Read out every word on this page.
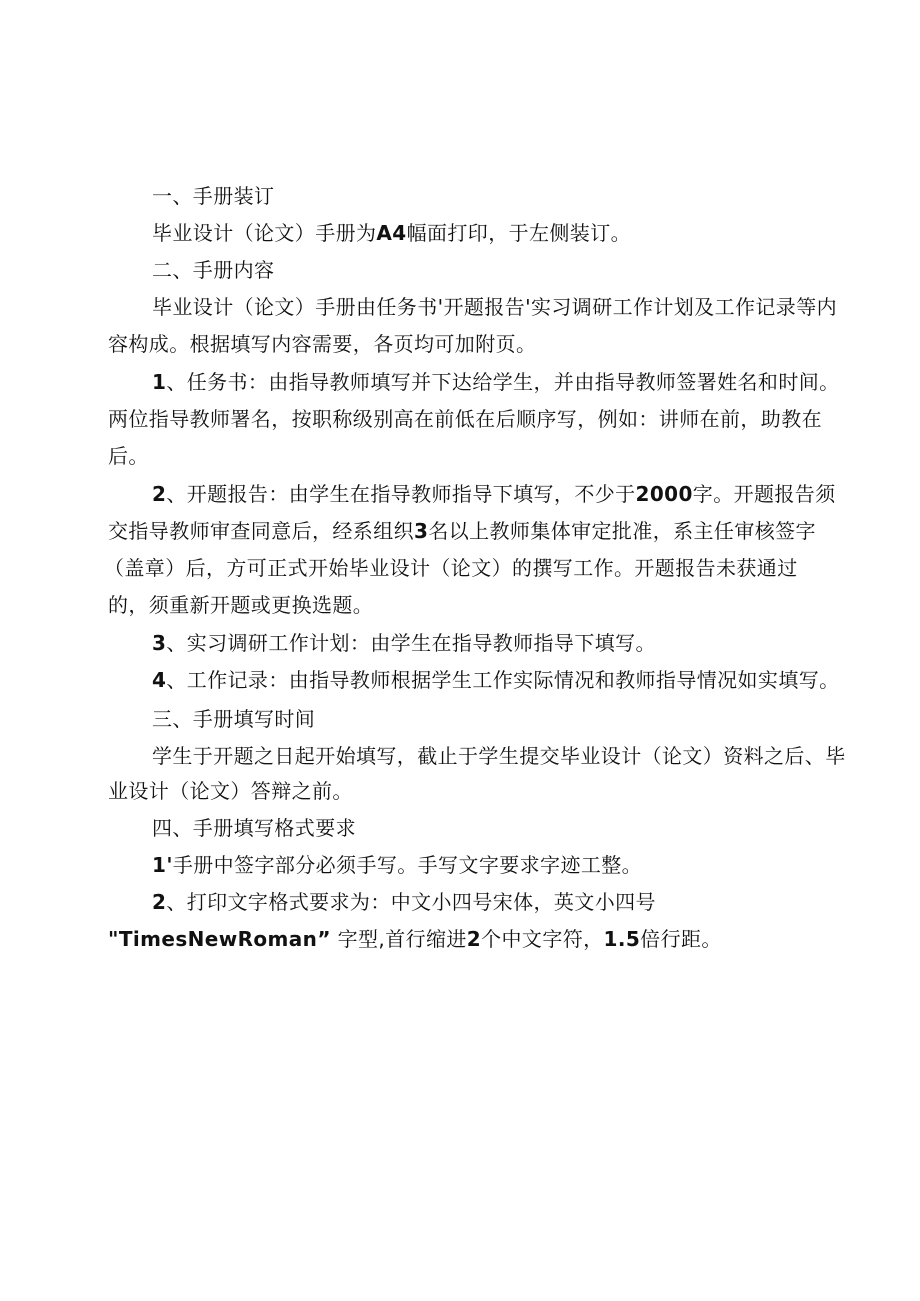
一、手册装订
毕业设计（论文）手册为A4幅面打印，于左侧装订。
二、手册内容
毕业设计（论文）手册由任务书'开题报告'实习调研工作计划及工作记录等内
容构成。根据填写内容需要，各页均可加附页。
1、任务书：由指导教师填写并下达给学生，并由指导教师签署姓名和时间。
两位指导教师署名，按职称级别高在前低在后顺序写，例如：讲师在前，助教在
后。
2、开题报告：由学生在指导教师指导下填写，不少于2000字。开题报告须
交指导教师审查同意后，经系组织3名以上教师集体审定批准，系主任审核签字
（盖章）后，方可正式开始毕业设计（论文）的撰写工作。开题报告未获通过
的，须重新开题或更换选题。
3、实习调研工作计划：由学生在指导教师指导下填写。
4、工作记录：由指导教师根据学生工作实际情况和教师指导情况如实填写。
三、手册填写时间
学生于开题之日起开始填写，截止于学生提交毕业设计（论文）资料之后、毕
业设计（论文）答辩之前。
四、手册填写格式要求
1'手册中签字部分必须手写。手写文字要求字迹工整。
2、打印文字格式要求为：中文小四号宋体，英文小四号
"TimesNewRoman” 字型,首行缩进2个中文字符，1.5倍行距。
